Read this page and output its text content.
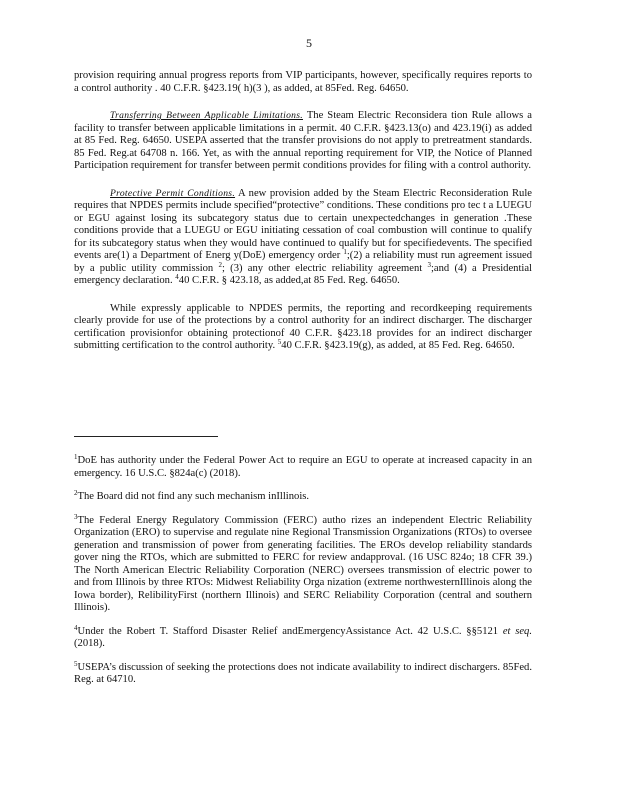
5

provision requiring annual progress reports from VIP participants, however, specifically requires reports to a control authority . 40 C.F.R. §423.19( h)(3 ), as added, at 85Fed. Reg. 64650.

Transferring Between Applicable Limitations. The Steam Electric Reconsidera tion Rule allows a facility to transfer between applicable limitations in a permit. 40 C.F.R. §423.13(o) and 423.19(i) as added at 85 Fed. Reg. 64650. USEPA asserted that the transfer provisions do not apply to pretreatment standards. 85 Fed. Reg.at 64708 n. 166. Yet, as with the annual reporting requirement for VIP, the Notice of Planned Participation requirement for transfer between permit conditions provides for filing with a control authority.

Protective Permit Conditions. A new provision added by the Steam Electric Reconsideration Rule requires that NPDES permits include specified“protective” conditions. These conditions pro tec t a LUEGU or EGU against losing its subcategory status due to certain unexpectedchanges in generation .These conditions provide that a LUEGU or EGU initiating cessation of coal combustion will continue to qualify for its subcategory status when they would have continued to qualify but for specifiedevents. The specified events are(1) a Department of Energ y(DoE) emergency order $^1$;(2) a reliability must run agreement issued by a public utility commission $^2$; (3) any other electric reliability agreement $^3$;and (4) a Presidential emergency declaration. $^4$40 C.F.R. § 423.18, as added,at 85 Fed. Reg. 64650.

While expressly applicable to NPDES permits, the reporting and recordkeeping requirements clearly provide for use of the protections by a control authority for an indirect discharger. The discharger certification provisionfor obtaining protectionof 40 C.F.R. §423.18 provides for an indirect discharger submitting certification to the control authority. $^5$40 C.F.R. §423.19(g), as added, at 85 Fed. Reg. 64650.

$^1$DoE has authority under the Federal Power Act to require an EGU to operate at increased capacity in an emergency. 16 U.S.C. §824a(c) (2018).

$^2$The Board did not find any such mechanism inIllinois.

$^3$The Federal Energy Regulatory Commission (FERC) autho rizes an independent Electric Reliability Organization (ERO) to supervise and regulate nine Regional Transmission Organizations (RTOs) to oversee generation and transmission of power from generating facilities. The EROs develop reliability standards gover ning the RTOs, which are submitted to FERC for review andapproval. (16 USC 824o; 18 CFR 39.) The North American Electric Reliability Corporation (NERC) oversees transmission of electric power to and from Illinois by three RTOs: Midwest Reliability Orga nization (extreme northwesternIllinois along the Iowa border), RelibilityFirst (northern Illinois) and SERC Reliability Corporation (central and southern Illinois).

$^4$Under the Robert T. Stafford Disaster Relief andEmergencyAssistance Act. 42 U.S.C. §§5121 et seq. (2018).

$^5$USEPA’s discussion of seeking the protections does not indicate availability to indirect dischargers. 85Fed. Reg. at 64710.
